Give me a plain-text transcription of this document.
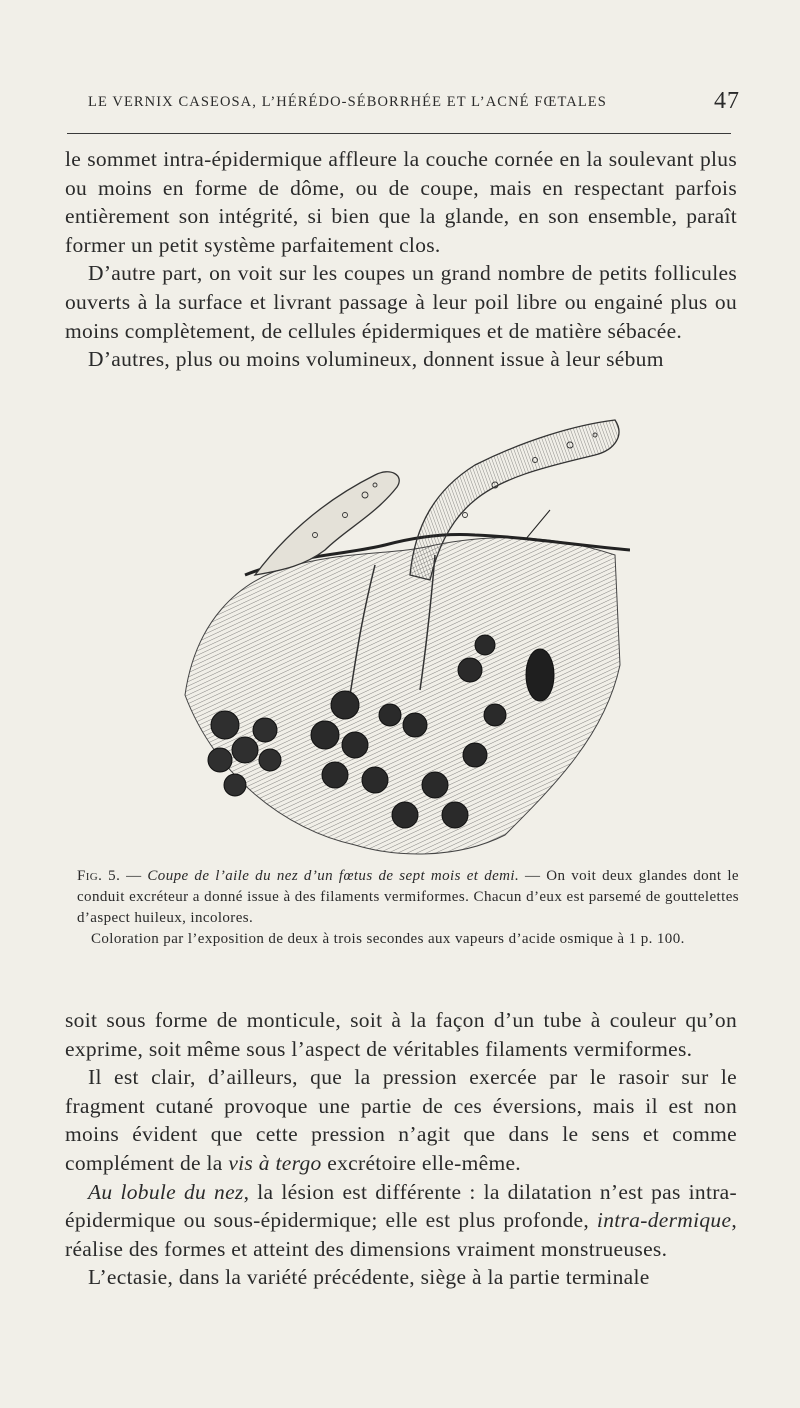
LE VERNIX CASEOSA, L’HÉRÉDO-SÉBORRHÉE ET L’ACNÉ FŒTALES	47

le sommet intra-épidermique affleure la couche cornée en la soulevant plus ou moins en forme de dôme, ou de coupe, mais en respectant parfois entièrement son intégrité, si bien que la glande, en son ensemble, paraît former un petit système parfaitement clos.

D’autre part, on voit sur les coupes un grand nombre de petits follicules ouverts à la surface et livrant passage à leur poil libre ou engainé plus ou moins complètement, de cellules épidermiques et de matière sébacée.

D’autres, plus ou moins volumineux, donnent issue à leur sébum

Fig. 5. — Coupe de l’aile du nez d’un fœtus de sept mois et demi. — On voit deux glandes dont le conduit excréteur a donné issue à des filaments vermiformes. Chacun d’eux est parsemé de gouttelettes d’aspect huileux, incolores.

Coloration par l’exposition de deux à trois secondes aux vapeurs d’acide osmique à 1 p. 100.

soit sous forme de monticule, soit à la façon d’un tube à couleur qu’on exprime, soit même sous l’aspect de véritables filaments vermiformes.

Il est clair, d’ailleurs, que la pression exercée par le rasoir sur le fragment cutané provoque une partie de ces éversions, mais il est non moins évident que cette pression n’agit que dans le sens et comme complément de la vis à tergo excrétoire elle-même.

Au lobule du nez, la lésion est différente : la dilatation n’est pas intra-épidermique ou sous-épidermique; elle est plus profonde, intra-dermique, réalise des formes et atteint des dimensions vraiment monstrueuses.

L’ectasie, dans la variété précédente, siège à la partie terminale
